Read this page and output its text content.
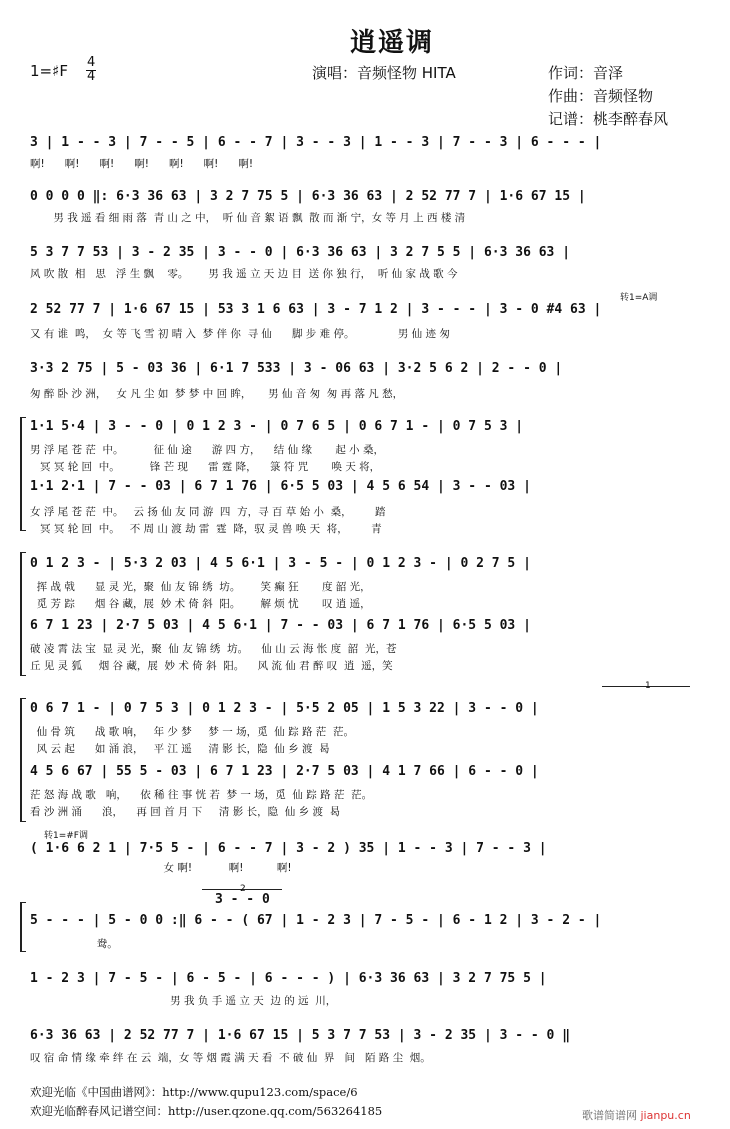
逍遥调
1=♯F 4
4	演唱：音频怪物 HITA	作词：音泽
作曲：音频怪物
记谱：桃李醉春风
3 | 1 - - 3 | 7 - - 5 | 6 - - 7 | 3 - - 3 | 1 - - 3 | 7 - - 3 | 6 - - - |
啊!      啊!      啊!      啊!      啊!      啊!      啊!
0 0 0 0 ‖: 6·3 36 63 | 3 2 7 75 5 | 6·3 36 63 | 2 52 77 7 | 1·6 67 15 |
男 我 遥 看 细 雨 落  青 山 之 中，  听 仙 音 絮 语 飘  散 而 渐 宁，女 等 月 上 西 楼 清
5 3 7 7 53 | 3 - 2 35 | 3 - - 0 | 6·3 36 63 | 3 2 7 5 5 | 6·3 36 63 |
风 吹 散  相   思   浮 生 飘    零。      男 我 遥 立 天 边 目  送 你 独 行，  听 仙 家 战 歌 今
2 52 77 7 | 1·6 67 15 | 53 3 1 6 63 | 3 - 7 1 2 | 3 - - - | 3 - 0 #4 63 |
又 有 谁  鸣，  女 等 飞 雪 初 晴 入  梦 伴 你  寻 仙      脚 步 难 停。             男 仙 迹 匆
3·3 2 75 | 5 - 03 36 | 6·1 7 533 | 3 - 06 63 | 3·2 5 6 2 | 2 - - 0 |
匆 醉 卧 沙 洲，   女 凡 尘 如  梦 梦 中 回 眸，     男 仙 音 匆  匆 再 落 凡 愁，
1·1 5·4 | 3 - - 0 | 0 1 2 3 - | 0 7 6 5 | 0 6 7 1 - | 0 7 5 3 |
男 浮 尾 苍 茫  中。         征 仙 途      游 四 方，    结 仙 缘       起 小 桑，
冥 冥 轮 回  中。         锋 芒 现      雷 霆 降，    箓 符 咒       唤 天 将，
1·1 2·1 | 7 - - 03 | 6 7 1 76 | 6·5 5 03 | 4 5 6 54 | 3 - - 03 |
女 浮 尾 苍 茫  中。   云 扬 仙 友 同 游  四  方，寻 百 草 始 小  桑，       踏
冥 冥 轮 回  中。   不 周 山 渡 劫 雷  霆  降，驭 灵 兽 唤 天  将，       青
0 1 2 3 - | 5·3 2 03 | 4 5 6·1 | 3 - 5 - | 0 1 2 3 - | 0 2 7 5 |
挥 战 戟      显 灵 光，聚  仙 友 锦 绣  坊。      笑 癫 狂       度 韶 光，
觅 芳 踪      烟 谷 藏，展  妙 术 倚 斜  阳。      解 烦 忧       叹 逍 遥，
6 7 1 23 | 2·7 5 03 | 4 5 6·1 | 7 - - 03 | 6 7 1 76 | 6·5 5 03 |
破 凌 霄 法 宝  显 灵 光，聚  仙 友 锦 绣  坊。    仙 山 云 海 怅 度  韶  光，苍
丘 见 灵 狐     烟 谷 藏，展  妙 术 倚 斜  阳。    风 流 仙 君 醉 叹  逍  遥，笑
0 6 7 1 - | 0 7 5 3 | 0 1 2 3 - | 5·5 2 05 | 1 5 3 22 | 3 - - 0 |
仙 骨 筑      战 歌 响，   年 少 梦     梦 一 场，觅  仙 踪 路 茫  茫。
风 云 起      如 涌 浪，   平 江 遥     清 影 长，隐  仙 乡 渡  曷
4 5 6 67 | 55 5 - 03 | 6 7 1 23 | 2·7 5 03 | 4 1 7 66 | 6 - - 0 |
茫 怒 海 战 歌   响，    依 稀 往 事 恍 若  梦 一 场，觅  仙 踪 路 茫  茫。
看 沙 洲 涌      浪，    再 回 首 月 下     清 影 长，隐  仙 乡 渡  曷
( 1·6 6 2 1 | 7·5 5 - | 6 - - 7 | 3 - 2 ) 35 | 1 - - 3 | 7 - - 3 |
女 啊!           啊!          啊!
5 - - - | 5 - 0 0 :‖ 6 - - ( 67 | 1 - 2 3 | 7 - 5 - | 6 - 1 2 | 3 - 2 - |
鸯。
1 - 2 3 | 7 - 5 - | 6 - 5 - | 6 - - - ) | 6·3 36 63 | 3 2 7 75 5 |
男 我 负 手 遥 立 天  边 的 远  川，
6·3 36 63 | 2 52 77 7 | 1·6 67 15 | 5 3 7 7 53 | 3 - 2 35 | 3 - - 0 ‖
叹 宿 命 情 缘 牵 绊 在 云  端，女 等 烟 霞 满 天 看  不 破 仙  界   间   陌 路 尘  烟。
转1=A调
转1=#F调
1
2
3 - - 0
欢迎光临《中国曲谱网》：http://www.qupu123.com/space/6
欢迎光临醉春风记谱空间：http://user.qzone.qq.com/563264185	歌谱简谱网 jianpu.cn
